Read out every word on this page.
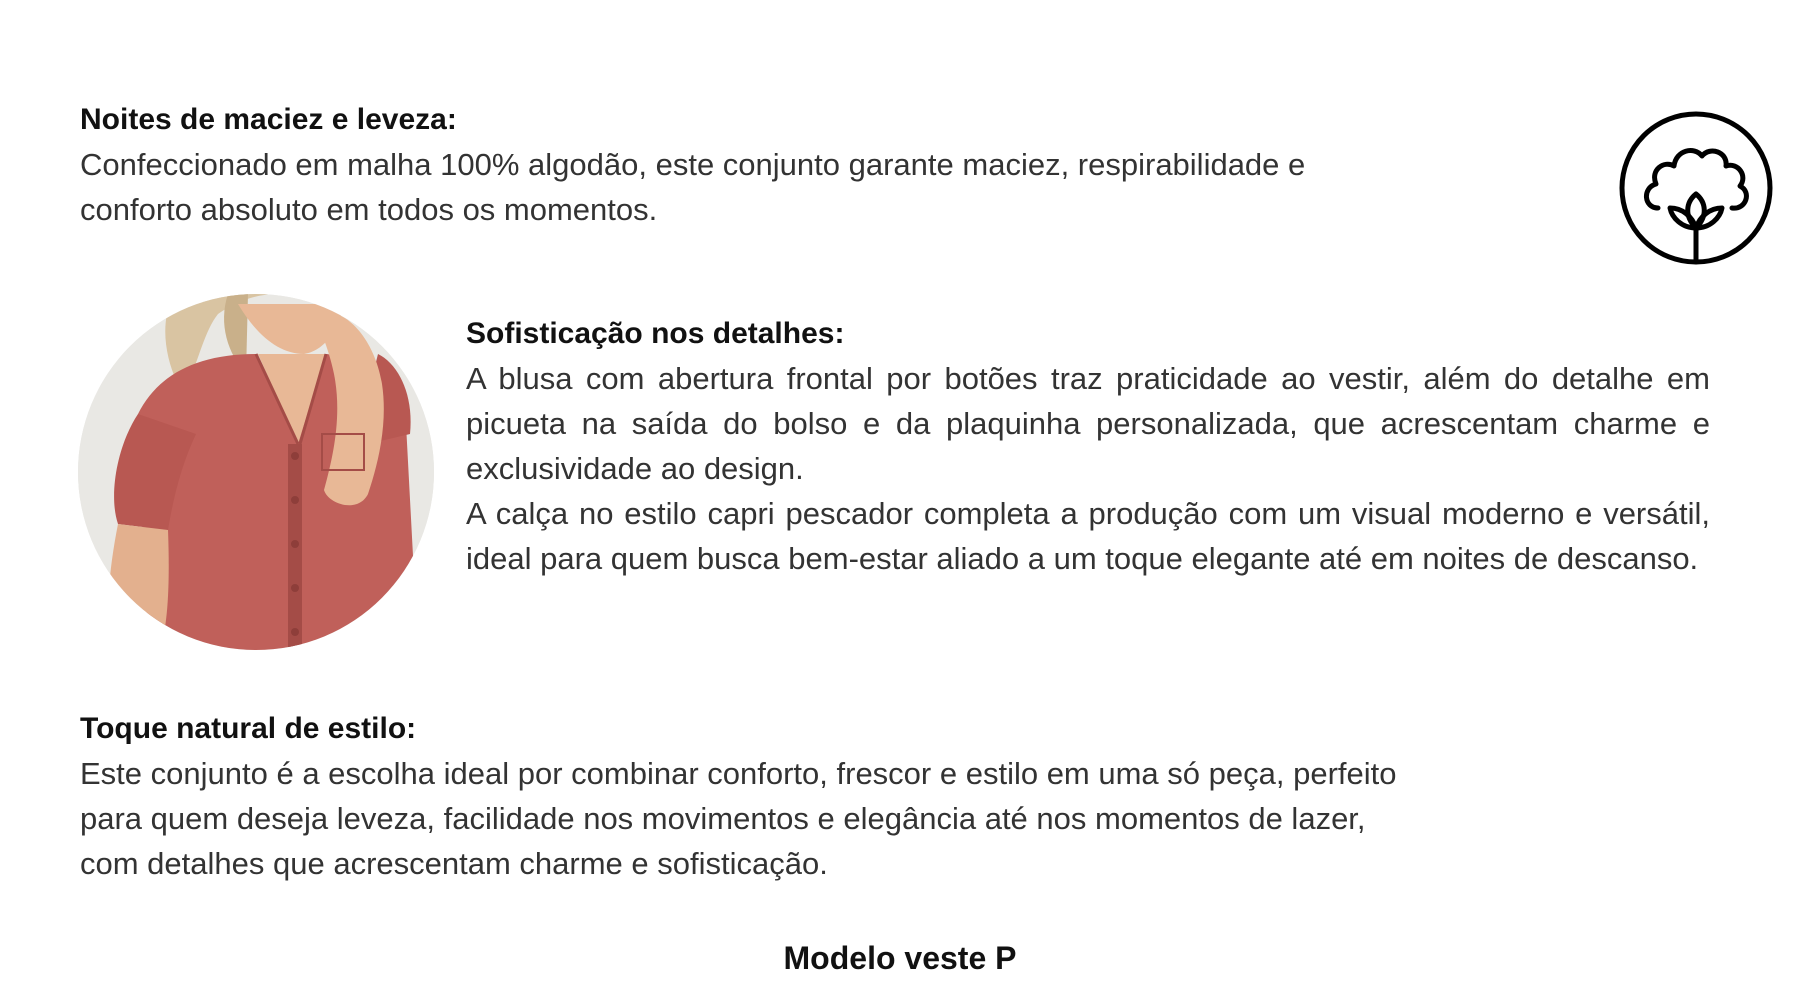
Noites de maciez e leveza:
Confeccionado em malha 100% algodão, este conjunto garante maciez, respirabilidade e
conforto absoluto em todos os momentos.
Sofisticação nos detalhes:
A blusa com abertura frontal por botões traz praticidade ao vestir, além do detalhe em picueta na saída do bolso e da plaquinha personalizada, que acrescentam charme e exclusividade ao design.
A calça no estilo capri pescador completa a produção com um visual moderno e versátil, ideal para quem busca bem-estar aliado a um toque elegante até em noites de descanso.
Toque natural de estilo:
Este conjunto é a escolha ideal por combinar conforto, frescor e estilo em uma só peça, perfeito
para quem deseja leveza, facilidade nos movimentos e elegância até nos momentos de lazer,
com detalhes que acrescentam charme e sofisticação.
Modelo veste P
